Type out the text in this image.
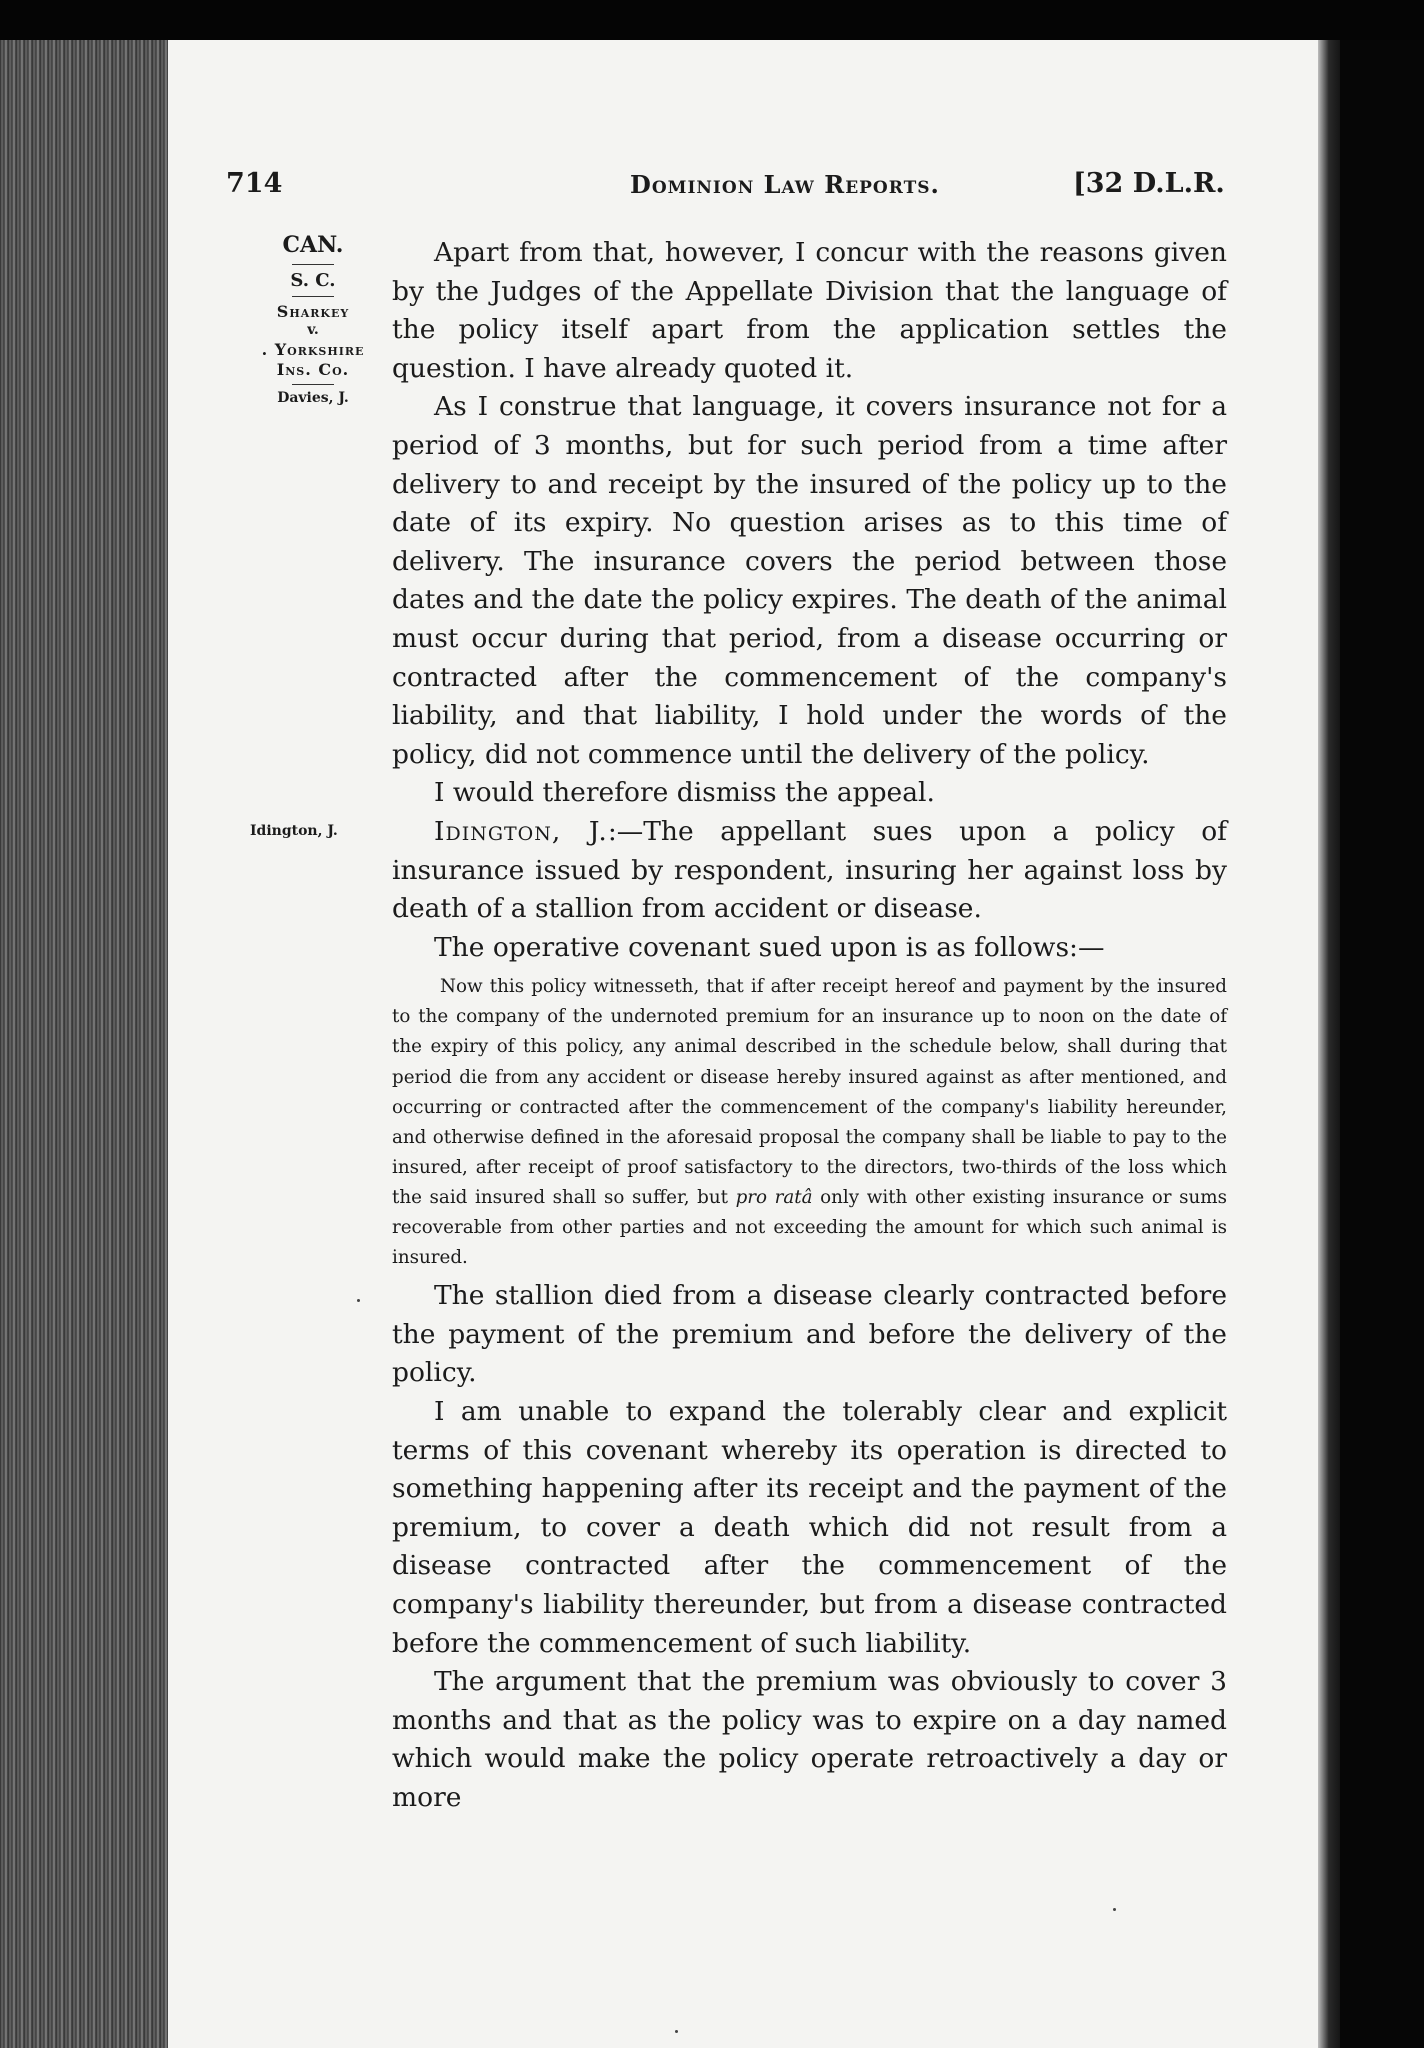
714	Dominion Law Reports.	[32 D.L.R.
CAN.
S. C.
Sharkey
v.
. Yorkshire
Ins. Co.
Davies, J.
Idington, J.

Apart from that, however, I concur with the reasons given by the Judges of the Appellate Division that the language of the policy itself apart from the application settles the question. I have already quoted it.

As I construe that language, it covers insurance not for a period of 3 months, but for such period from a time after delivery to and receipt by the insured of the policy up to the date of its expiry. No question arises as to this time of delivery. The insurance covers the period between those dates and the date the policy expires. The death of the animal must occur during that period, from a disease occurring or contracted after the commencement of the company's liability, and that liability, I hold under the words of the policy, did not commence until the delivery of the policy.

I would therefore dismiss the appeal.

Idington, J.:—The appellant sues upon a policy of insurance issued by respondent, insuring her against loss by death of a stallion from accident or disease.

The operative covenant sued upon is as follows:—

Now this policy witnesseth, that if after receipt hereof and payment by the insured to the company of the undernoted premium for an insurance up to noon on the date of the expiry of this policy, any animal described in the schedule below, shall during that period die from any accident or disease hereby insured against as after mentioned, and occurring or contracted after the commencement of the company's liability hereunder, and otherwise defined in the aforesaid proposal the company shall be liable to pay to the insured, after receipt of proof satisfactory to the directors, two-thirds of the loss which the said insured shall so suffer, but pro ratâ only with other existing insurance or sums recoverable from other parties and not exceeding the amount for which such animal is insured.

The stallion died from a disease clearly contracted before the payment of the premium and before the delivery of the policy.

I am unable to expand the tolerably clear and explicit terms of this covenant whereby its operation is directed to something happening after its receipt and the payment of the premium, to cover a death which did not result from a disease contracted after the commencement of the company's liability thereunder, but from a disease contracted before the commencement of such liability.

The argument that the premium was obviously to cover 3 months and that as the policy was to expire on a day named which would make the policy operate retroactively a day or more
